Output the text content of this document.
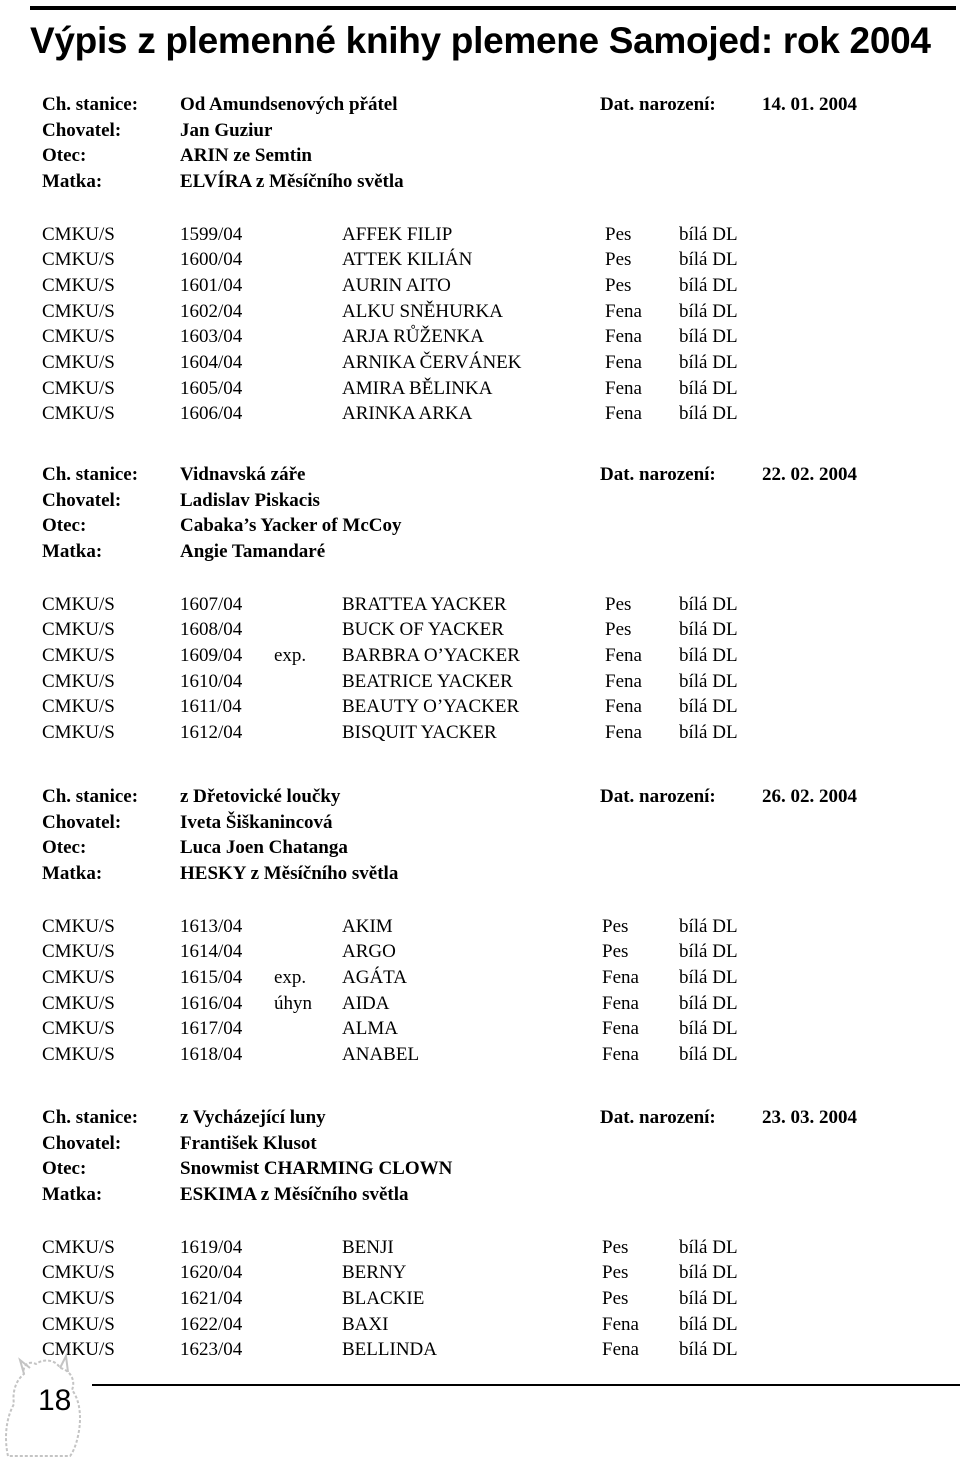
Výpis z plemenné knihy plemene Samojed: rok 2004
Ch. stanice: Od Amundsenových přátel	Dat. narození: 14. 01. 2004
Chovatel:	Jan Guziur
Otec:	ARIN ze Semtin
Matka:	ELVÍRA z Měsíčního světla
CMKU/S	1599/04	AFFEK FILIP	Pes	bílá DL
CMKU/S	1600/04	ATTEK KILIÁN	Pes	bílá DL
CMKU/S	1601/04	AURIN AITO	Pes	bílá DL
CMKU/S	1602/04	ALKU SNĚHURKA	Fena bílá DL
CMKU/S	1603/04	ARJA RŮŽENKA	Fena bílá DL
CMKU/S	1604/04	ARNIKA ČERVÁNEK	Fena bílá DL
CMKU/S	1605/04	AMIRA BĚLINKA	Fena bílá DL
CMKU/S	1606/04	ARINKA ARKA	Fena bílá DL
Ch. stanice: Vidnavská záře	Dat. narození: 22. 02. 2004
Chovatel:	Ladislav Piskacis
Otec:	Cabaka’s Yacker of McCoy
Matka:	Angie Tamandaré
CMKU/S	1607/04	BRATTEA YACKER	Pes	bílá DL
CMKU/S	1608/04	BUCK OF YACKER	Pes	bílá DL
CMKU/S	1609/04 exp. BARBRA O’YACKER	Fena bílá DL
CMKU/S	1610/04	BEATRICE YACKER	Fena bílá DL
CMKU/S	1611/04	BEAUTY O’YACKER	Fena bílá DL
CMKU/S	1612/04	BISQUIT YACKER	Fena bílá DL
Ch. stanice: z Dřetovické loučky	Dat. narození: 26. 02. 2004
Chovatel:	Iveta Šiškanincová
Otec:	Luca Joen Chatanga
Matka:	HESKY z Měsíčního světla
CMKU/S	1613/04	AKIM	Pes	bílá DL
CMKU/S	1614/04	ARGO	Pes	bílá DL
CMKU/S	1615/04 exp. AGÁTA	Fena bílá DL
CMKU/S	1616/04 úhyn AIDA	Fena bílá DL
CMKU/S	1617/04	ALMA	Fena bílá DL
CMKU/S	1618/04	ANABEL	Fena bílá DL
Ch. stanice: z Vycházející luny	Dat. narození: 23. 03. 2004
Chovatel:	František Klusot
Otec:	Snowmist CHARMING CLOWN
Matka:	ESKIMA z Měsíčního světla
CMKU/S	1619/04	BENJI	Pes	bílá DL
CMKU/S	1620/04	BERNY	Pes	bílá DL
CMKU/S	1621/04	BLACKIE	Pes	bílá DL
CMKU/S	1622/04	BAXI	Fena bílá DL
CMKU/S	1623/04	BELLINDA	Fena bílá DL
18
